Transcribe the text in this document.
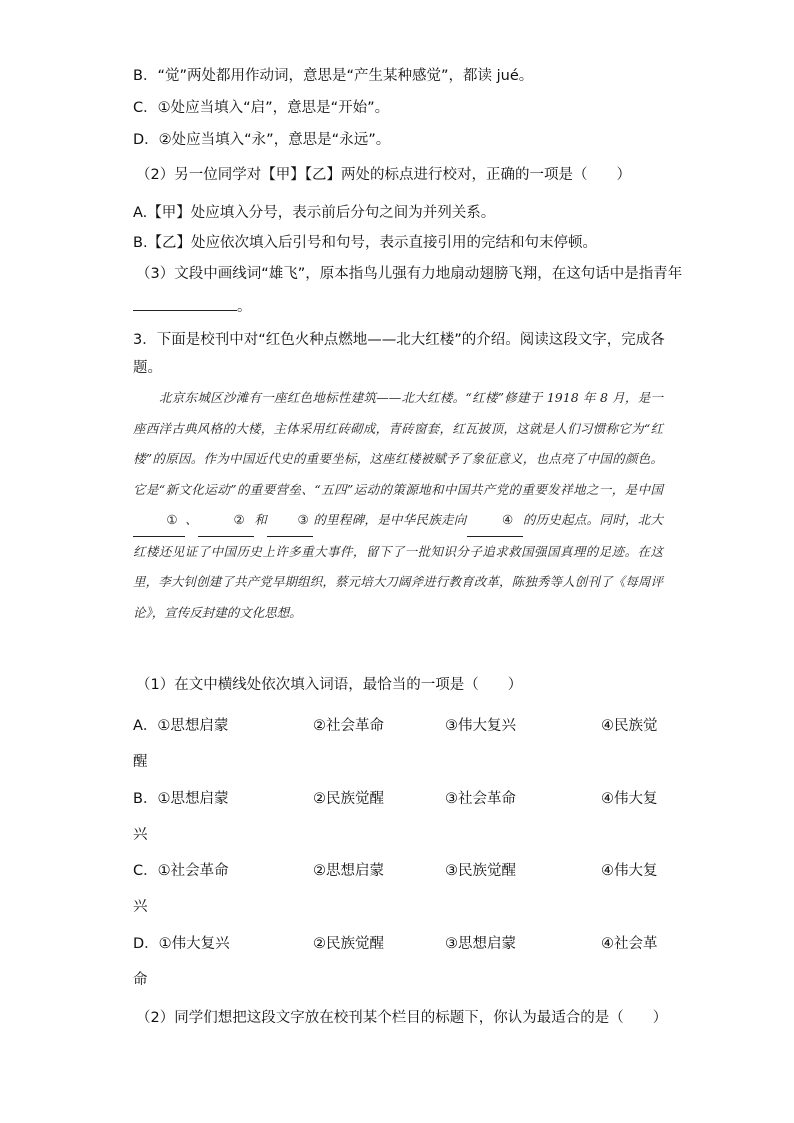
B．“觉”两处都用作动词，意思是“产生某种感觉”，都读 jué。
C．①处应当填入“启”，意思是“开始”。
D．②处应当填入“永”，意思是“永远”。
（2）另一位同学对【甲】【乙】两处的标点进行校对，正确的一项是（　　）
A.【甲】处应填入分号，表示前后分句之间为并列关系。
B.【乙】处应依次填入后引号和句号，表示直接引用的完结和句末停顿。
（3）文段中画线词“雄飞”，原本指鸟儿强有力地扇动翅膀飞翔，在这句话中是指青年
。
3．下面是校刊中对“红色火种点燃地——北大红楼”的介绍。阅读这段文字，完成各
题。
北京东城区沙滩有一座红色地标性建筑——北大红楼。“红楼”修建于 1918 年 8 月，是一座西洋古典风格的大楼，主体采用红砖砌成，青砖窗套，红瓦披顶，这就是人们习惯称它为“红楼”的原因。作为中国近代史的重要坐标，这座红楼被赋予了象征意义，也点亮了中国的颜色。它是“新文化运动”的重要营垒、“五四”运动的策源地和中国共产党的重要发祥地之一，是中国① 、	② 和 ③ 的里程碑，是中华民族走向	④ 的历史起点。同时，北大红楼还见证了中国历史上许多重大事件，留下了一批知识分子追求救国强国真理的足迹。在这里，李大钊创建了共产党早期组织，蔡元培大刀阔斧进行教育改革，陈独秀等人创刊了《每周评论》，宣传反封建的文化思想。
（1）在文中横线处依次填入词语，最恰当的一项是（　　）
A．①思想启蒙	②社会革命	③伟大复兴	④民族觉
醒
B．①思想启蒙	②民族觉醒	③社会革命	④伟大复
兴
C．①社会革命	②思想启蒙	③民族觉醒	④伟大复
兴
D．①伟大复兴	②民族觉醒	③思想启蒙	④社会革
命
（2）同学们想把这段文字放在校刊某个栏目的标题下，你认为最适合的是（　　）
